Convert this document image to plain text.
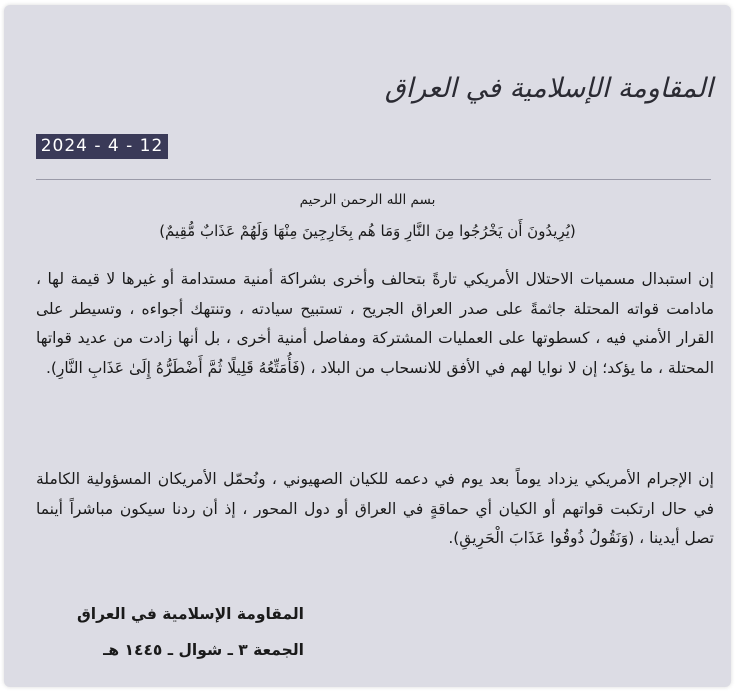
المقاومة الإسلامية في العراق
2024 - 4 - 12
بسم الله الرحمن الرحيم
(يُرِيدُونَ أَن يَخْرُجُوا مِنَ النَّارِ وَمَا هُم بِخَارِجِينَ مِنْهَا وَلَهُمْ عَذَابٌ مُّقِيمٌ)
إن استبدال مسميات الاحتلال الأمريكي تارةً بتحالف وأخرى بشراكة أمنية مستدامة أو غيرها لا قيمة لها ، مادامت قواته المحتلة جاثمةً على صدر العراق الجريح ، تستبيح سيادته ، وتنتهك أجواءه ، وتسيطر على القرار الأمني فيه ، كسطوتها على العمليات المشتركة ومفاصل أمنية أخرى ، بل أنها زادت من عديد قواتها المحتلة ، ما يؤكد؛ إن لا نوايا لهم في الأفق للانسحاب من البلاد ، (فَأُمَتِّعُهُ قَلِيلًا ثُمَّ أَضْطَرُّهُ إِلَىٰ عَذَابِ النَّارِ).
إن الإجرام الأمريكي يزداد يوماً بعد يوم في دعمه للكيان الصهيوني ، ونُحمّل الأمريكان المسؤولية الكاملة في حال ارتكبت قواتهم أو الكيان أي حماقةٍ في العراق أو دول المحور ، إذ أن ردنا سيكون مباشراً أينما تصل أيدينا ، (وَنَقُولُ ذُوقُوا عَذَابَ الْحَرِيقِ).
المقاومة الإسلامية في العراق
الجمعة ٣ ـ شوال ـ ١٤٤٥ هـ
